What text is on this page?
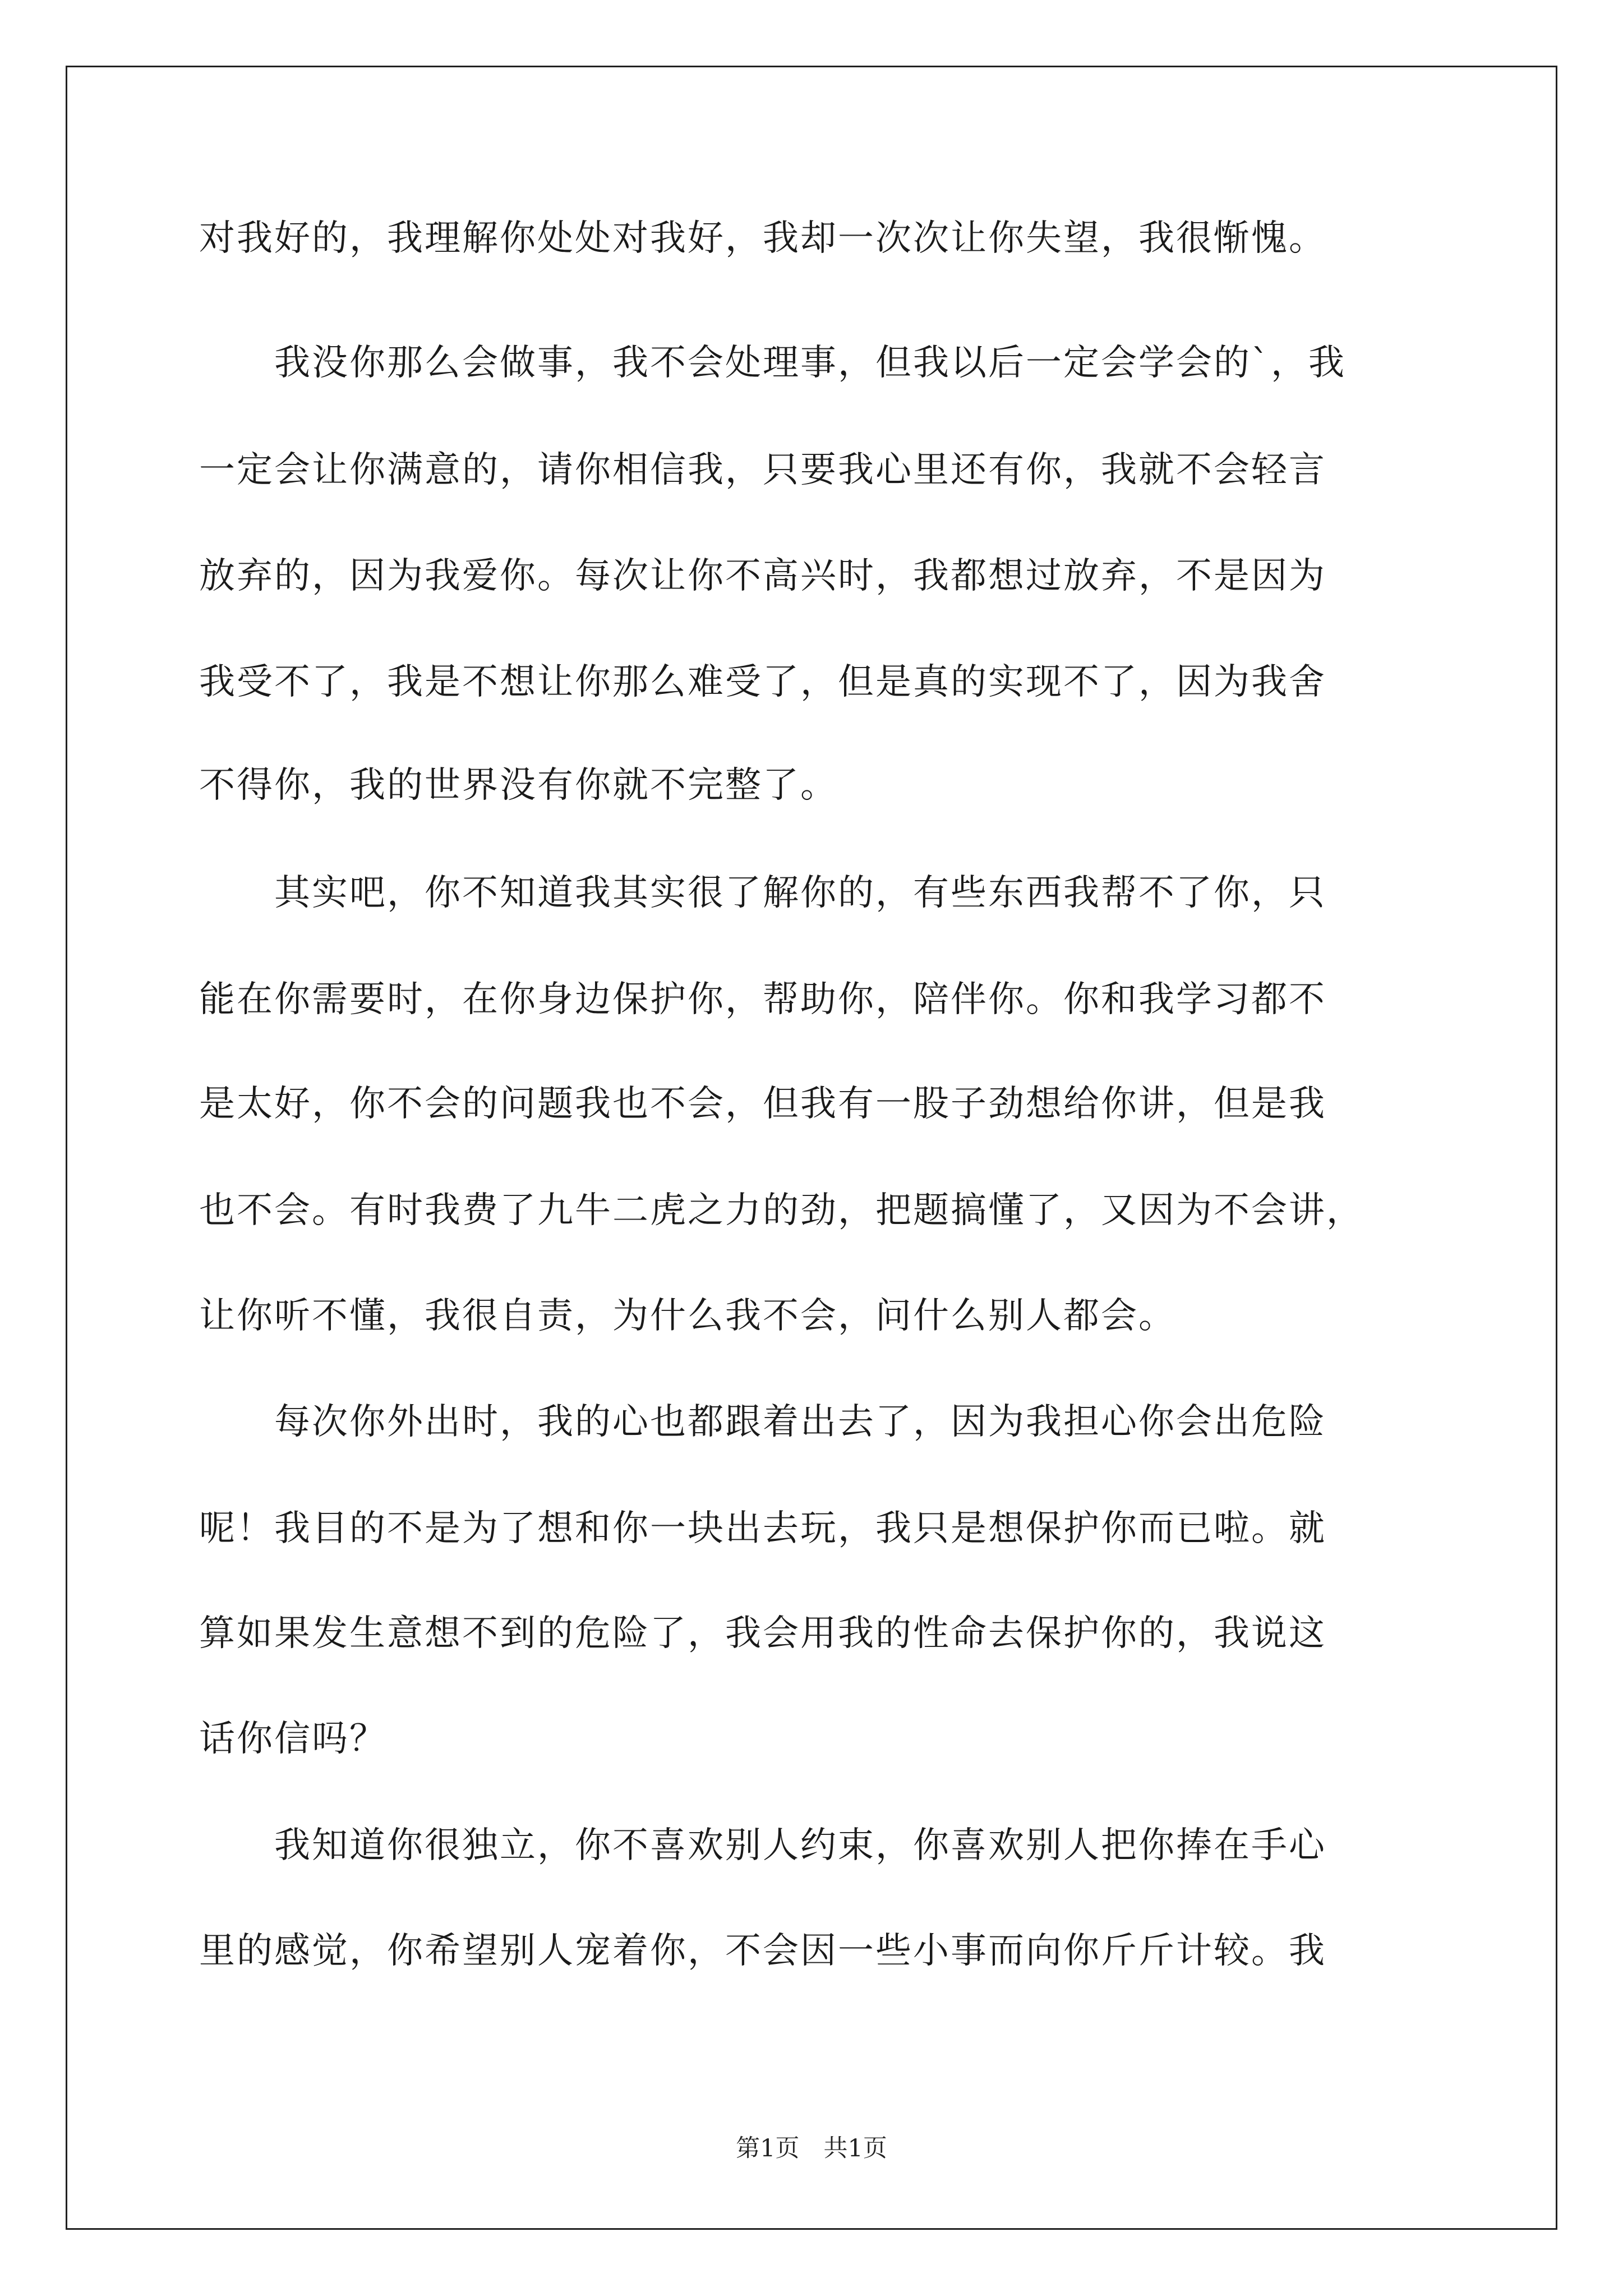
对我好的，我理解你处处对我好，我却一次次让你失望，我很惭愧。
　　我没你那么会做事，我不会处理事，但我以后一定会学会的`，我
一定会让你满意的，请你相信我，只要我心里还有你，我就不会轻言
放弃的，因为我爱你。每次让你不高兴时，我都想过放弃，不是因为
我受不了，我是不想让你那么难受了，但是真的实现不了，因为我舍
不得你，我的世界没有你就不完整了。
　　其实吧，你不知道我其实很了解你的，有些东西我帮不了你，只
能在你需要时，在你身边保护你，帮助你，陪伴你。你和我学习都不
是太好，你不会的问题我也不会，但我有一股子劲想给你讲，但是我
也不会。有时我费了九牛二虎之力的劲，把题搞懂了，又因为不会讲，
让你听不懂，我很自责，为什么我不会，问什么别人都会。
　　每次你外出时，我的心也都跟着出去了，因为我担心你会出危险
呢！我目的不是为了想和你一块出去玩，我只是想保护你而已啦。就
算如果发生意想不到的危险了，我会用我的性命去保护你的，我说这
话你信吗？
　　我知道你很独立，你不喜欢别人约束，你喜欢别人把你捧在手心
里的感觉，你希望别人宠着你，不会因一些小事而向你斤斤计较。我
第1页　共1页
